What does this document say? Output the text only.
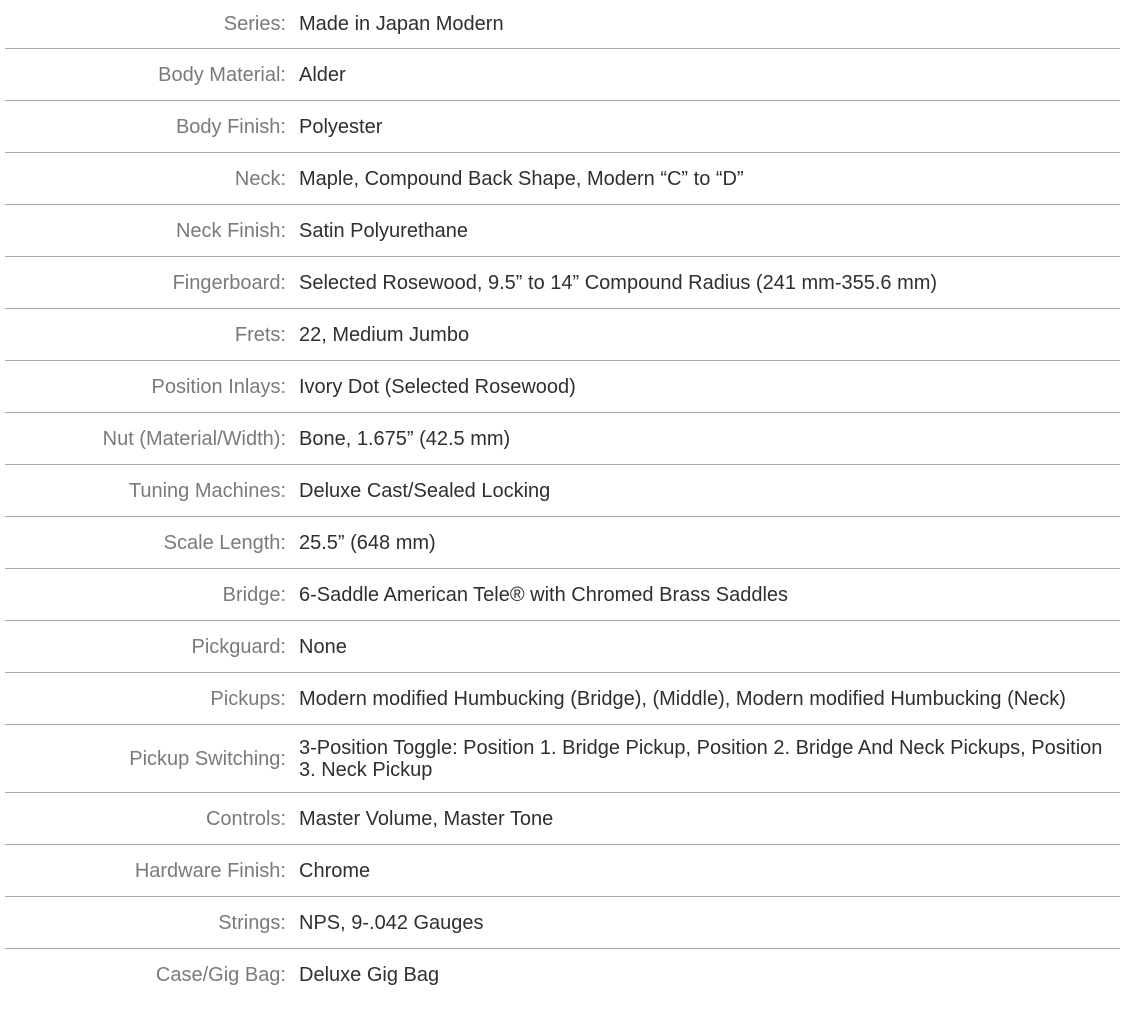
Series: Made in Japan Modern
Body Material: Alder
Body Finish: Polyester
Neck: Maple, Compound Back Shape, Modern “C” to “D”
Neck Finish: Satin Polyurethane
Fingerboard: Selected Rosewood, 9.5” to 14” Compound Radius (241 mm-355.6 mm)
Frets: 22, Medium Jumbo
Position Inlays: Ivory Dot (Selected Rosewood)
Nut (Material/Width): Bone, 1.675” (42.5 mm)
Tuning Machines: Deluxe Cast/Sealed Locking
Scale Length: 25.5” (648 mm)
Bridge: 6-Saddle American Tele® with Chromed Brass Saddles
Pickguard: None
Pickups: Modern modified Humbucking (Bridge), (Middle), Modern modified Humbucking (Neck)
Pickup Switching: 3-Position Toggle: Position 1. Bridge Pickup, Position 2. Bridge And Neck Pickups, Position 3. Neck Pickup
Controls: Master Volume, Master Tone
Hardware Finish: Chrome
Strings: NPS, 9-.042 Gauges
Case/Gig Bag: Deluxe Gig Bag
